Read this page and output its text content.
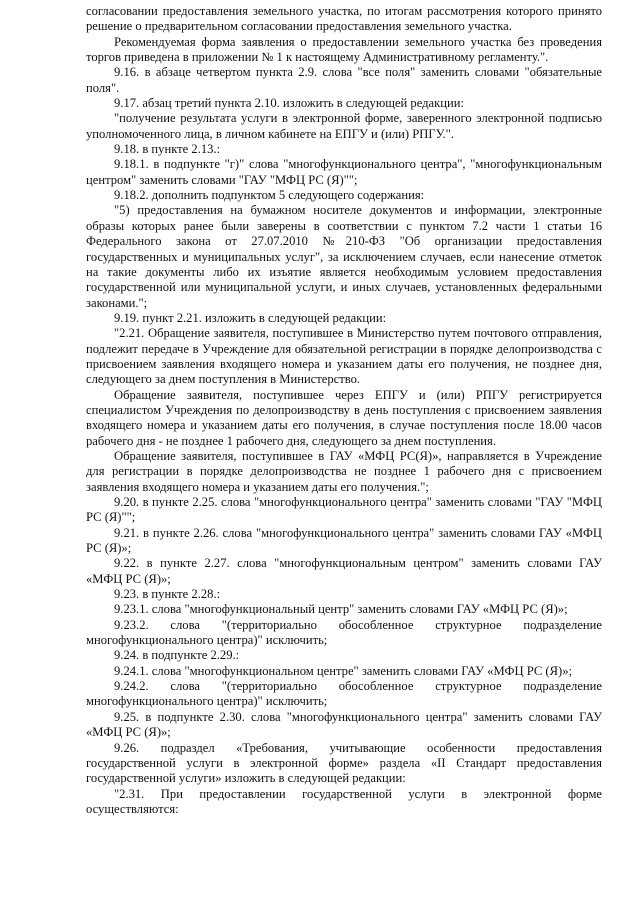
согласовании предоставления земельного участка, по итогам рассмотрения которого принято решение о предварительном согласовании предоставления земельного участка.

Рекомендуемая форма заявления о предоставлении земельного участка без проведения торгов приведена в приложении № 1 к настоящему Административному регламенту.".

9.16. в абзаце четвертом пункта 2.9. слова "все поля" заменить словами "обязательные поля".

9.17. абзац третий пункта 2.10. изложить в следующей редакции:

"получение результата услуги в электронной форме, заверенного электронной подписью уполномоченного лица, в личном кабинете на ЕПГУ и (или) РПГУ.".

9.18. в пункте 2.13.:

9.18.1. в подпункте "г)" слова "многофункционального центра", "многофункциональным центром" заменить словами "ГАУ "МФЦ РС (Я)"";

9.18.2. дополнить подпунктом 5 следующего содержания:

"5) предоставления на бумажном носителе документов и информации, электронные образы которых ранее были заверены в соответствии с пунктом 7.2 части 1 статьи 16 Федерального закона от 27.07.2010 №210-ФЗ "Об организации предоставления государственных и муниципальных услуг", за исключением случаев, если нанесение отметок на такие документы либо их изъятие является необходимым условием предоставления государственной или муниципальной услуги, и иных случаев, установленных федеральными законами.";

9.19. пункт 2.21. изложить в следующей редакции:

"2.21. Обращение заявителя, поступившее в Министерство путем почтового отправления, подлежит передаче в Учреждение для обязательной регистрации в порядке делопроизводства с присвоением заявления входящего номера и указанием даты его получения, не позднее дня, следующего за днем поступления в Министерство.

Обращение заявителя, поступившее через ЕПГУ и (или) РПГУ регистрируется специалистом Учреждения по делопроизводству в день поступления с присвоением заявления входящего номера и указанием даты его получения, в случае поступления после 18.00 часов рабочего дня - не позднее 1 рабочего дня, следующего за днем поступления.

Обращение заявителя, поступившее в ГАУ «МФЦ РС(Я)», направляется в Учреждение для регистрации в порядке делопроизводства не позднее 1 рабочего дня с присвоением заявления входящего номера и указанием даты его получения.";

9.20. в пункте 2.25. слова "многофункционального центра" заменить словами "ГАУ "МФЦ РС (Я)"";

9.21. в пункте 2.26. слова "многофункционального центра" заменить словами ГАУ «МФЦ РС (Я)»;

9.22. в пункте 2.27. слова "многофункциональным центром" заменить словами ГАУ «МФЦ РС (Я)»;

9.23. в пункте 2.28.:

9.23.1. слова "многофункциональный центр" заменить словами ГАУ «МФЦ РС (Я)»;

9.23.2. слова "(территориально обособленное структурное подразделение многофункционального центра)" исключить;

9.24. в подпункте 2.29.:

9.24.1. слова "многофункциональном центре" заменить словами ГАУ «МФЦ РС (Я)»;

9.24.2. слова "(территориально обособленное структурное подразделение многофункционального центра)" исключить;

9.25. в подпункте 2.30. слова "многофункционального центра" заменить словами ГАУ «МФЦ РС (Я)»;

9.26. подраздел «Требования, учитывающие особенности предоставления государственной услуги в электронной форме» раздела «II Стандарт предоставления государственной услуги» изложить в следующей редакции:

"2.31. При предоставлении государственной услуги в электронной форме осуществляются:
